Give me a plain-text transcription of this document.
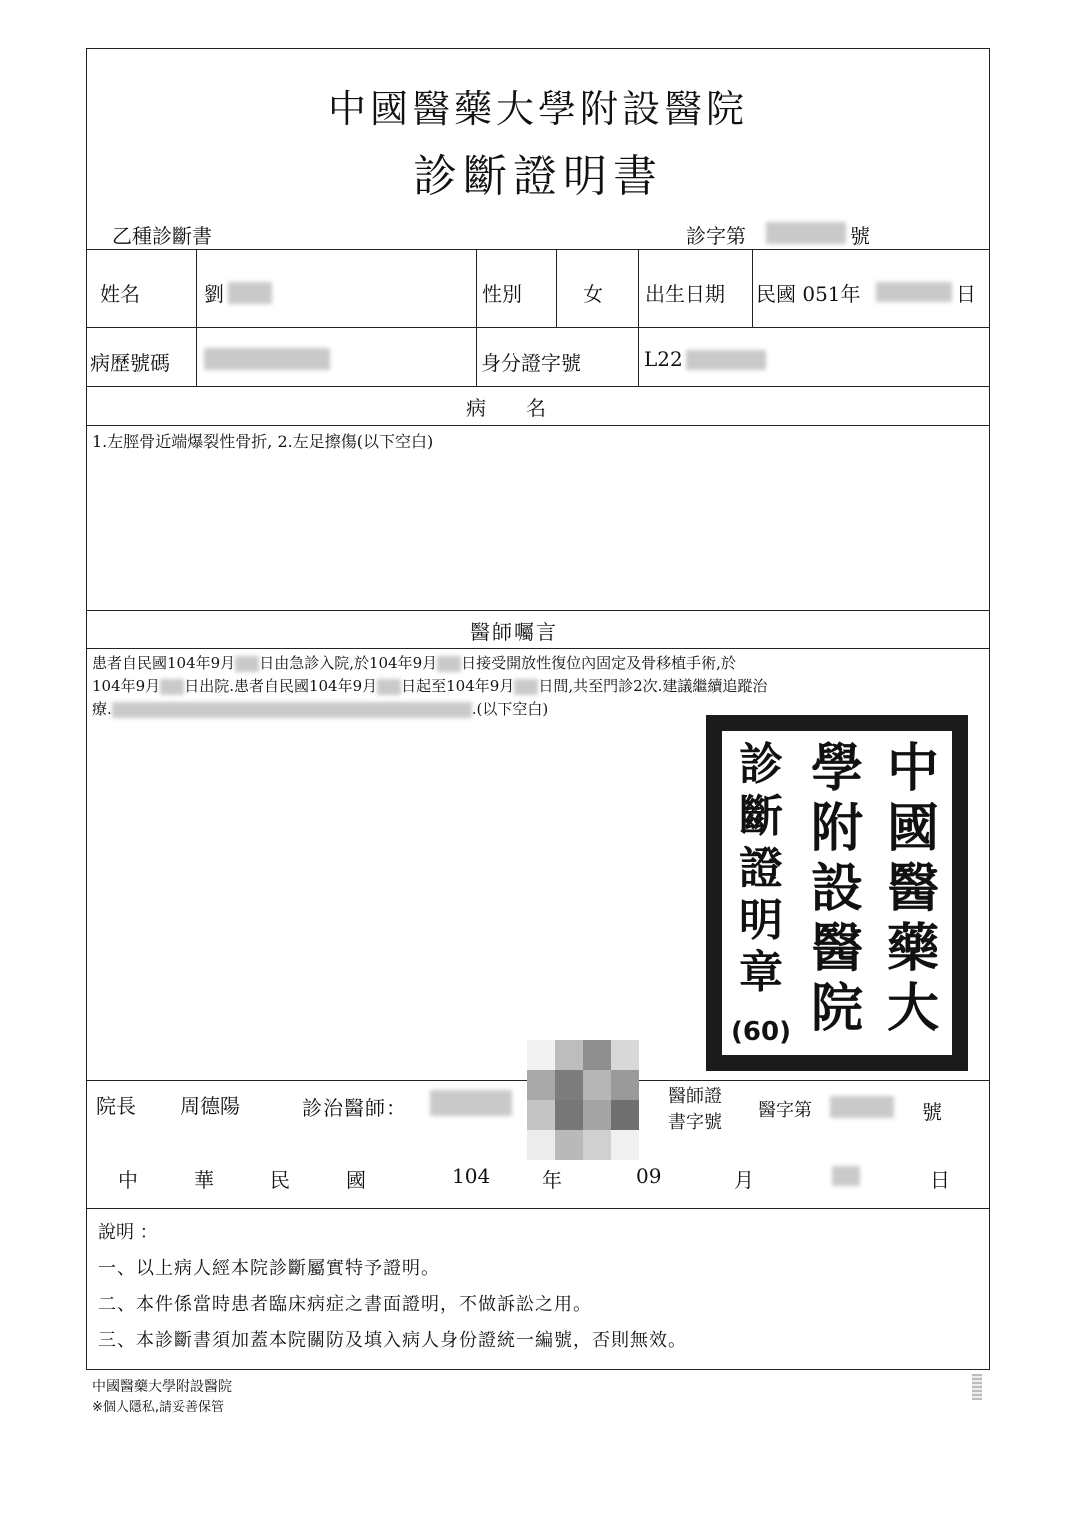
中國醫藥大學附設醫院
診斷證明書
乙種診斷書	診字第	號
姓名	劉	性別	女 出生日期 民國 051年	日
病歷號碼	身分證字號	L22
病　　名
1.左脛骨近端爆裂性骨折, 2.左足擦傷(以下空白)
醫師囑言
患者自民國104年9月 日由急診入院,於104年9月 日接受開放性復位內固定及骨移植手術,於
104年9月 日出院.患者自民國104年9月 日起至104年9月 日間,共至門診2次.建議繼續追蹤治
療.	.(以下空白)
中
國
醫
藥
大
學
附
設
醫
院
診
斷
證
明
章
(60)
院長 周德陽	診治醫師：	醫師證
書字號
醫字第	號
中	華	民	國	104	年	09	月	日
說明 ：
一、以上病人經本院診斷屬實特予證明。
二、本件係當時患者臨床病症之書面證明，不做訴訟之用。
三、本診斷書須加蓋本院關防及填入病人身份證統一編號，否則無效。
中國醫藥大學附設醫院
※個人隱私,請妥善保管
